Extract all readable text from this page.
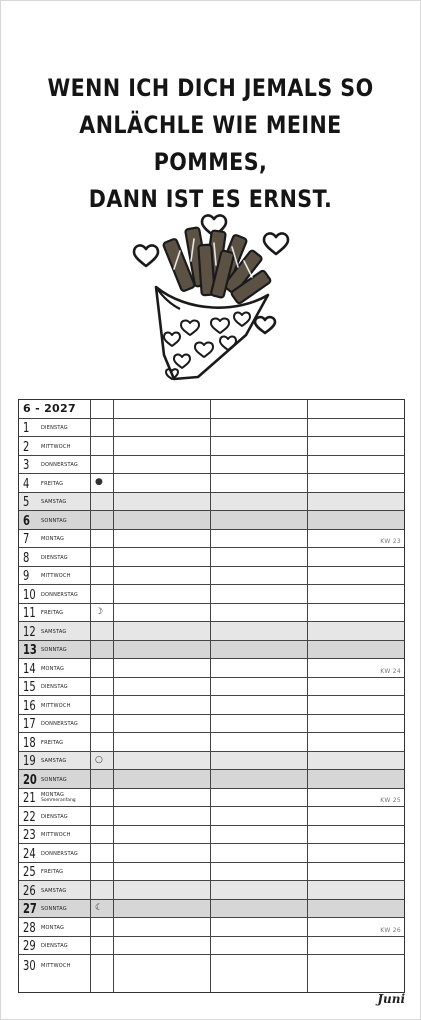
WENN ICH DICH JEMALS SO
ANLÄCHLE WIE MEINE POMMES,
DANN IST ES ERNST.
6 - 2027
1	DIENSTAG
2	MITTWOCH
3	DONNERSTAG
4	FREITAG	●
5	SAMSTAG
6	SONNTAG
7	MONTAG	KW 23
8	DIENSTAG
9	MITTWOCH
10	DONNERSTAG
11	FREITAG	☽
12	SAMSTAG
13 SONNTAG
14	MONTAG	KW 24
15	DIENSTAG
16	MITTWOCH
17	DONNERSTAG
18	FREITAG
19	SAMSTAG	○
20 SONNTAG
21	MONTAG
Sommeranfang	KW 25
22	DIENSTAG
23	MITTWOCH
24	DONNERSTAG
25	FREITAG
26	SAMSTAG
27 SONNTAG	☾
28	MONTAG	KW 26
29	DIENSTAG
30	MITTWOCH
Juni
